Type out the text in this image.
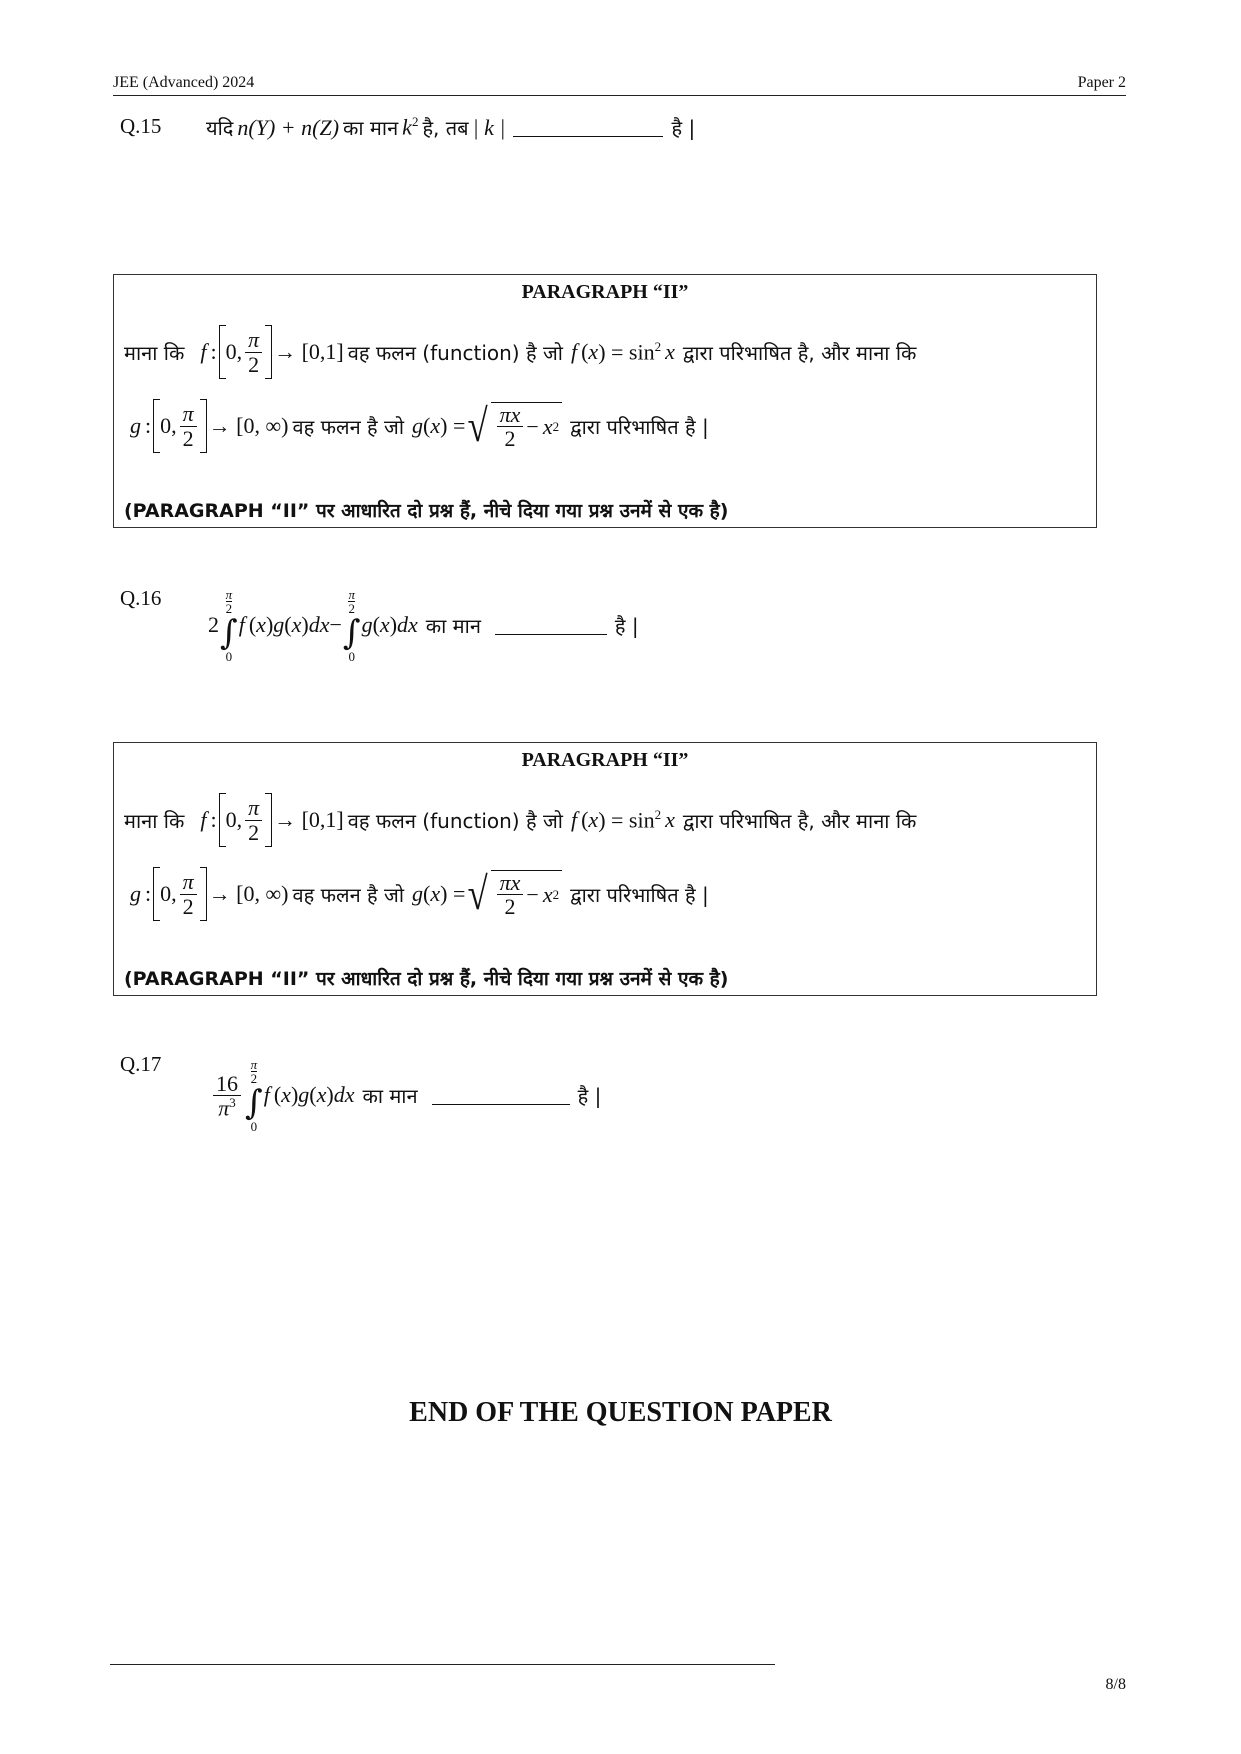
JEE (Advanced) 2024	Paper 2
Q.15 यदि
n(Y) + n(Z)
का मान
$k^2$
है, तब
| k |	है |
PARAGRAPH “II”
माना कि
f
: 0, $\frac{\pi}{2} \to [0,1]$
वह फलन (function) है जो
f
( x ) = $\sin^2$
x
द्वारा परिभाषित है, और माना कि
g
: 0, $\frac{\pi}{2} \to [0$, ∞)
वह फलन है जो
g ( x ) = √ $\frac{\pi x}{2}$ −
x 2
द्वारा परिभाषित है |
(PARAGRAPH “II” पर आधारित दो प्रश्न हैं, नीचे दिया गया प्रश्न उनमें से एक है)
Q.16
2
π
2
∫
0
f
( x ) g ( x ) dx −
π
2
∫
0
g ( x ) dx
का मान	है |
PARAGRAPH “II”
माना कि
f
: 0, $\frac{\pi}{2} \to [0,1]$
वह फलन (function) है जो
f
( x ) = $\sin^2$
x
द्वारा परिभाषित है, और माना कि
g
: 0, $\frac{\pi}{2} \to [0$, ∞)
वह फलन है जो
g ( x ) = √ $\frac{\pi x}{2}$ −
x 2
द्वारा परिभाषित है |
(PARAGRAPH “II” पर आधारित दो प्रश्न हैं, नीचे दिया गया प्रश्न उनमें से एक है)
Q.17
$\frac{16}{\pi^3}$
π
2
∫
0
f
( x ) g ( x ) dx
का मान	है |
END OF THE QUESTION PAPER
8/8
